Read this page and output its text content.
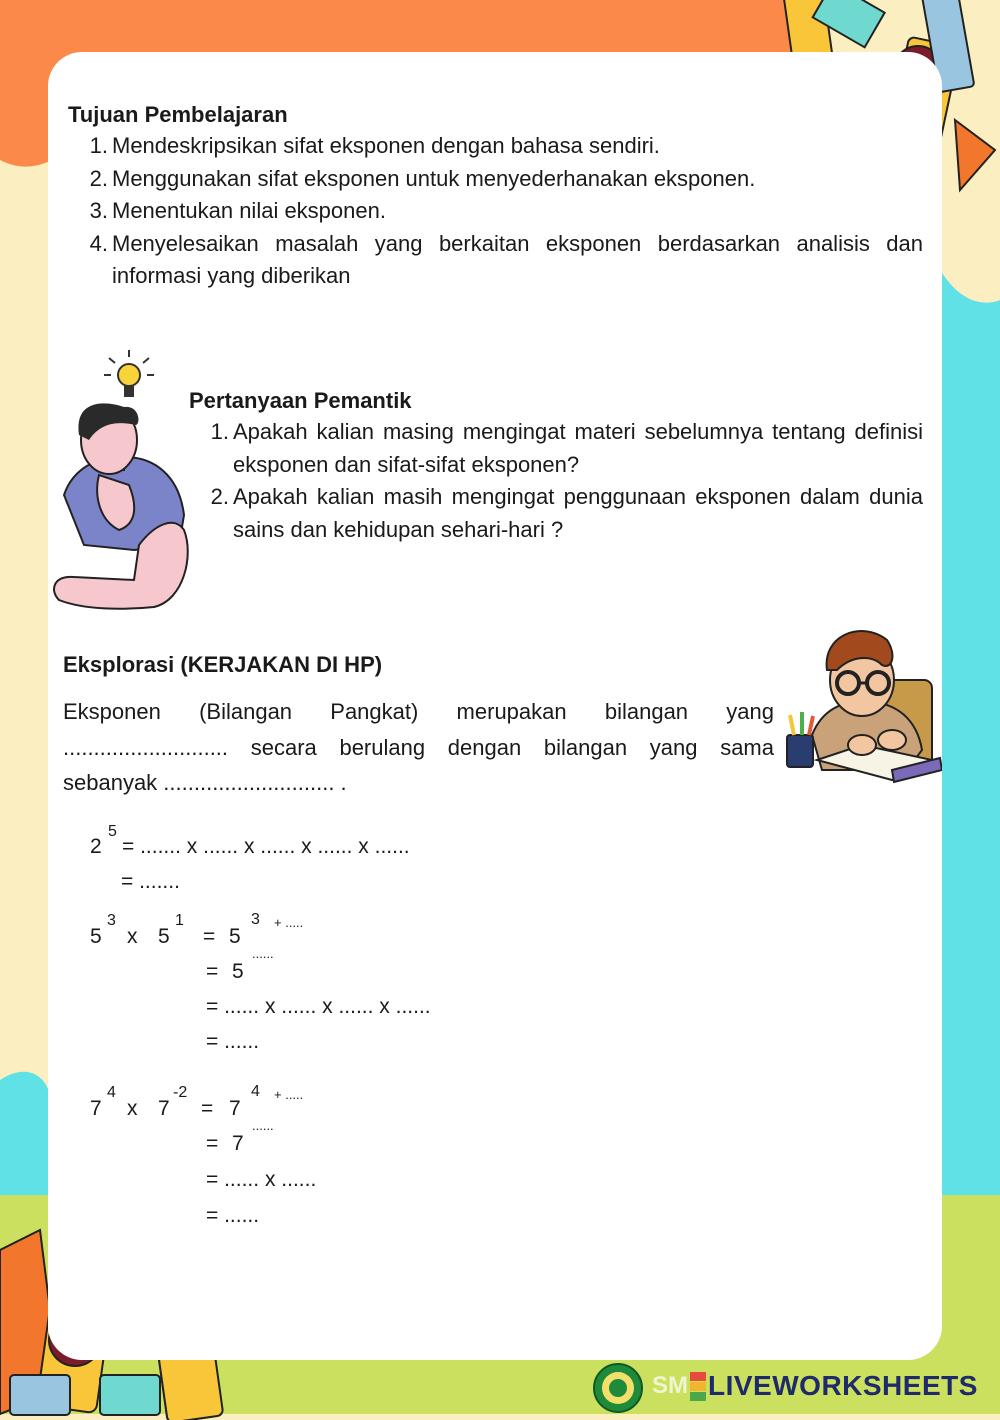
Tujuan Pembelajaran
1. Mendeskripsikan sifat eksponen dengan bahasa sendiri.
2. Menggunakan sifat eksponen untuk menyederhanakan eksponen.
3. Menentukan nilai eksponen.
4. Menyelesaikan masalah yang berkaitan eksponen berdasarkan analisis dan informasi yang diberikan
Pertanyaan Pemantik
1. Apakah kalian masing mengingat materi sebelumnya tentang definisi eksponen dan sifat-sifat eksponen?
2. Apakah kalian masih mengingat penggunaan eksponen dalam dunia sains dan kehidupan sehari-hari ?
Eksplorasi (KERJAKAN DI HP)

Eksponen (Bilangan Pangkat) merupakan bilangan yang ........................... secara berulang dengan bilangan yang sama sebanyak ............................ .

2
5
= ....... x ...... x ...... x ...... x ......
= .......
5
3
x 5
1
= 5
3 + .....
= 5
......
= ...... x ...... x ...... x ......
= ......
7
4
x 7
-2
= 7
4 + .....
= 7
......
= ...... x ......
= ......
SM LIVEWORKSHEETS
